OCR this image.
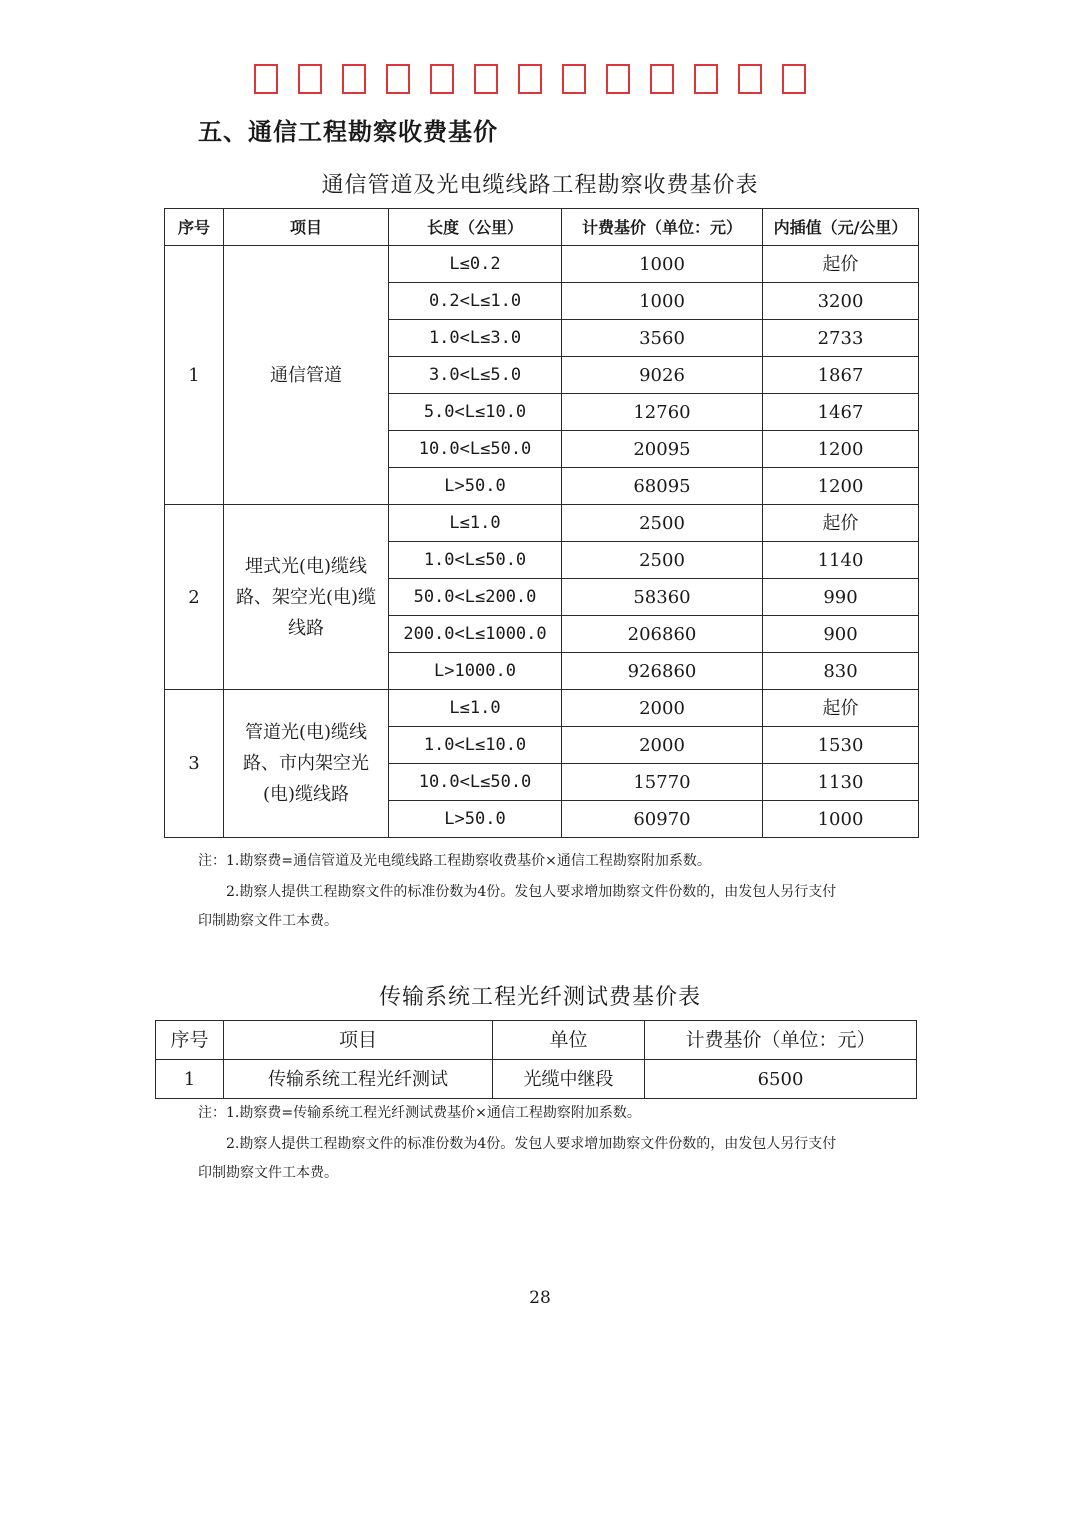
五、通信工程勘察收费基价
通信管道及光电缆线路工程勘察收费基价表
序号	项目	长度（公里）	计费基价（单位：元）	内插值（元/公里）
1	通信管道	L≤0.2	1000	起价
		0.2<L≤1.0	1000	3200
		1.0<L≤3.0	3560	2733
		3.0<L≤5.0	9026	1867
		5.0<L≤10.0	12760	1467
		10.0<L≤50.0	20095	1200
		L>50.0	68095	1200
2	埋式光(电)缆线路、架空光(电)缆线路	L≤1.0	2500	起价
		1.0<L≤50.0	2500	1140
		50.0<L≤200.0	58360	990
		200.0<L≤1000.0	206860	900
		L>1000.0	926860	830
3	管道光(电)缆线路、市内架空光(电)缆线路	L≤1.0	2000	起价
		1.0<L≤10.0	2000	1530
		10.0<L≤50.0	15770	1130
		L>50.0	60970	1000

注：1.勘察费=通信管道及光电缆线路工程勘察收费基价×通信工程勘察附加系数。

2.勘察人提供工程勘察文件的标准份数为4份。发包人要求增加勘察文件份数的，由发包人另行支付

印制勘察文件工本费。

传输系统工程光纤测试费基价表
序号	项目	单位	计费基价（单位：元）
1	传输系统工程光纤测试	光缆中继段	6500

注：1.勘察费=传输系统工程光纤测试费基价×通信工程勘察附加系数。

2.勘察人提供工程勘察文件的标准份数为4份。发包人要求增加勘察文件份数的，由发包人另行支付

印制勘察文件工本费。

28
